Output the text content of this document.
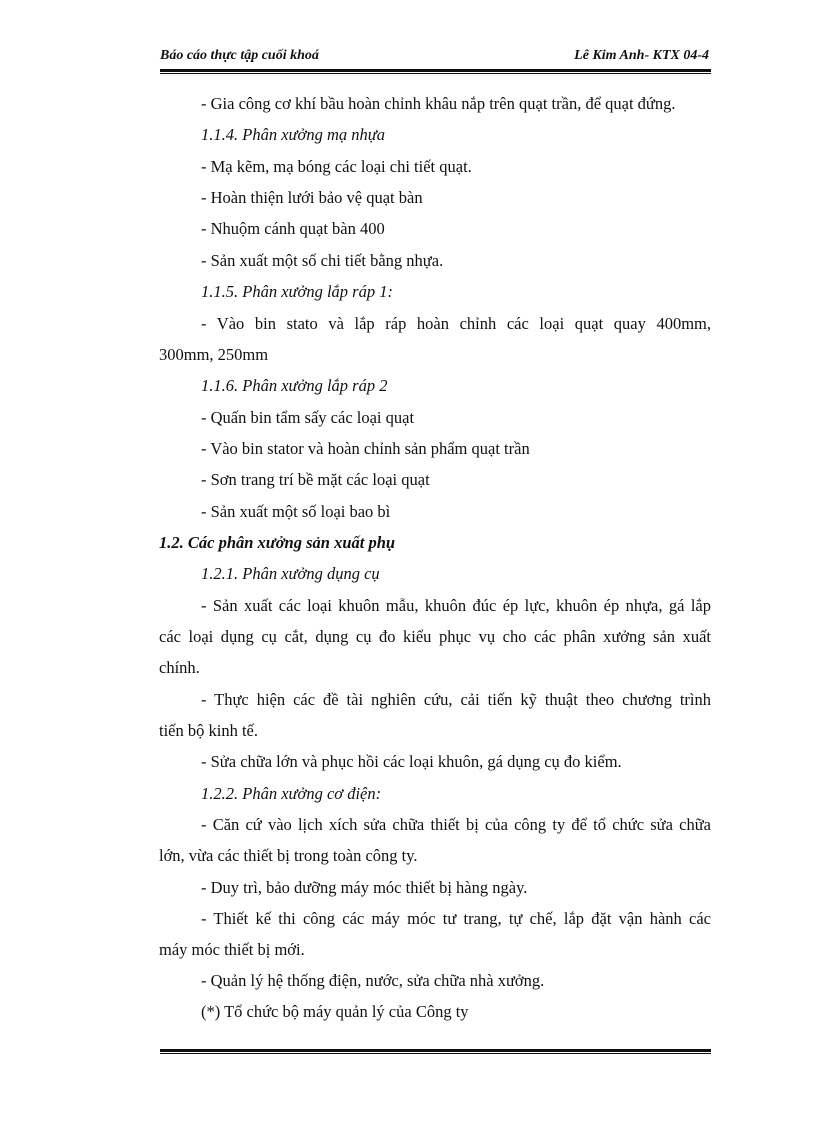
Báo cáo thực tập cuối khoá	Lê Kim Anh- KTX 04-4
- Gia công cơ khí bầu hoàn chỉnh khâu nắp trên quạt trần, để quạt đứng.
1.1.4. Phân xưởng mạ nhựa
- Mạ kẽm, mạ bóng các loại chi tiết quạt.
- Hoàn thiện lưới bảo vệ quạt bàn
- Nhuộm cánh quạt bàn 400
- Sản xuất một số chi tiết bằng nhựa.
1.1.5. Phân xưởng lắp ráp 1:
- Vào bin stato và lắp ráp hoàn chỉnh các loại quạt quay 400mm,
300mm, 250mm
1.1.6. Phân xưởng lắp ráp 2
- Quấn bin tẩm sấy các loại quạt
- Vào bin stator và hoàn chỉnh sản phẩm quạt trần
- Sơn trang trí bề mặt các loại quạt
- Sản xuất một số loại bao bì
1.2. Các phân xưởng sản xuất phụ
1.2.1. Phân xưởng dụng cụ
- Sản xuất các loại khuôn mẫu, khuôn đúc ép lực, khuôn ép nhựa, gá lắp
các loại dụng cụ cắt, dụng cụ đo kiểu phục vụ cho các phân xưởng sản xuất
chính.
- Thực hiện các đề tài nghiên cứu, cải tiến kỹ thuật theo chương trình
tiến bộ kinh tế.
- Sửa chữa lớn và phục hồi các loại khuôn, gá dụng cụ đo kiểm.
1.2.2. Phân xưởng cơ điện:
- Căn cứ vào lịch xích sửa chữa thiết bị của công ty để tổ chức sửa chữa
lớn, vừa các thiết bị trong toàn công ty.
- Duy trì, bảo dưỡng máy móc thiết bị hàng ngày.
- Thiết kế thi công các máy móc tư trang, tự chế, lắp đặt vận hành các
máy móc thiết bị mới.
- Quản lý hệ thống điện, nước, sửa chữa nhà xưởng.
(*) Tổ chức bộ máy quản lý của Công ty
